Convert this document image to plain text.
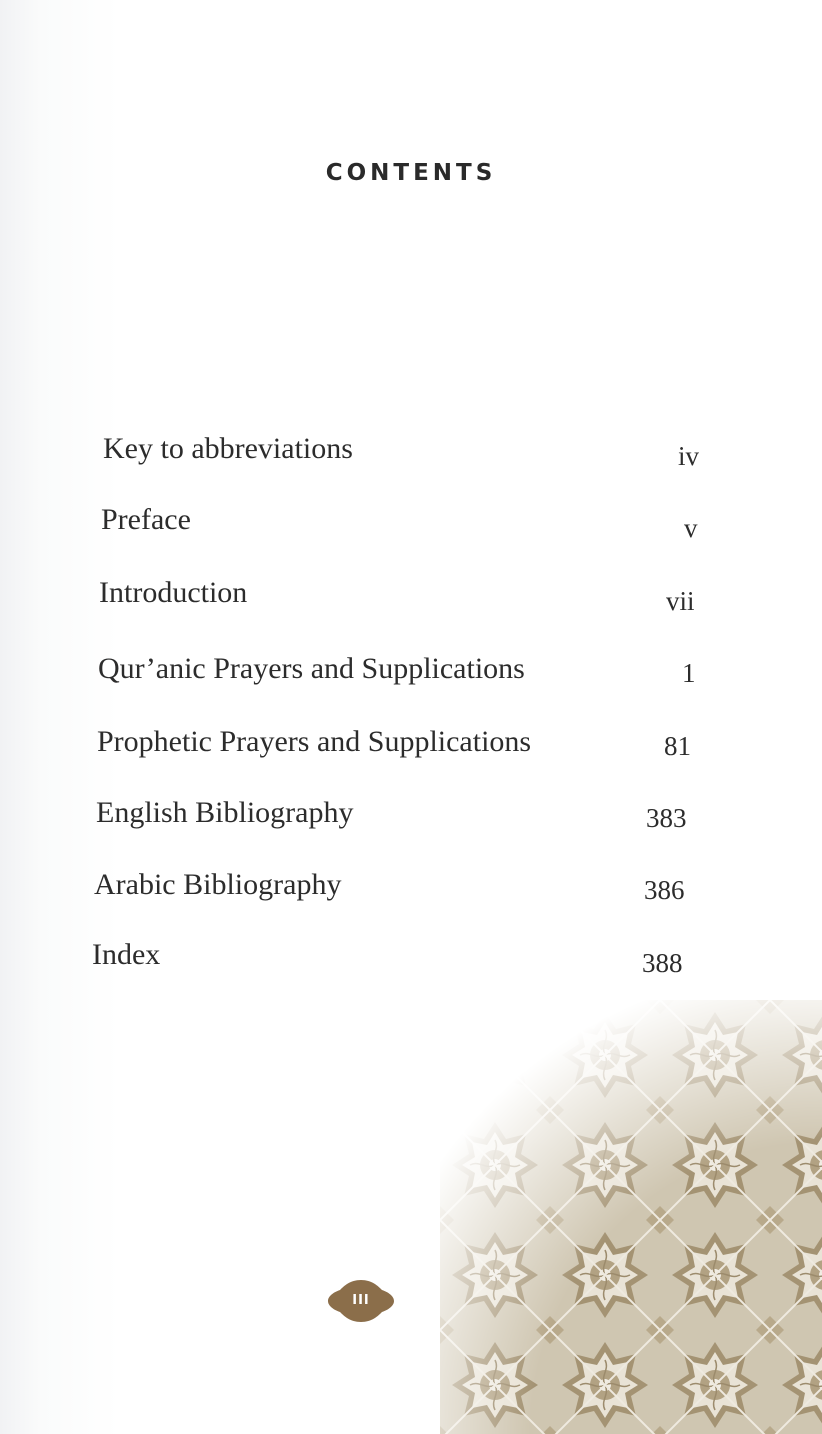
CONTENTS
Key to abbreviations	iv
Preface	v
Introduction	vii
Qur’anic Prayers and Supplications	1
Prophetic Prayers and Supplications	81
English Bibliography	383
Arabic Bibliography	386
Index	388
III
